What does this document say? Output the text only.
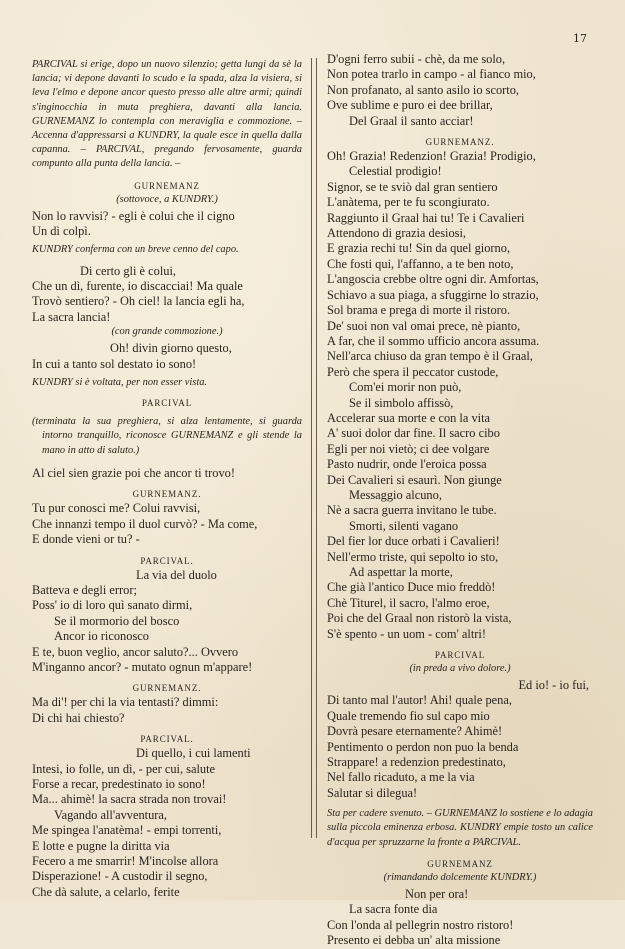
17

PARCIVAL si erige, dopo un nuovo silenzio; getta lungi da sè la lancia; vi depone davanti lo scudo e la spada, alza la visiera, si leva l'elmo e depone ancor questo presso alle altre armi; quindi s'inginocchia in muta preghiera, davanti alla lancia. GURNEMANZ lo contempla con meraviglia e commozione. – Accenna d'appressarsi a KUNDRY, la quale esce in quella dalla capanna. – PARCIVAL, pregando fervosamente, guarda compunto alla punta della lancia. –

GURNEMANZ

(sottovoce, a KUNDRY.)

Non lo ravvisi? - egli è colui che il cigno

Un dì colpì.

KUNDRY conferma con un breve cenno del capo.

Di certo gli è colui,

Che un dì, furente, io discacciai! Ma quale

Trovò sentiero? - Oh ciel! la lancia egli ha,

La sacra lancia!

(con grande commozione.)

Oh! divin giorno questo,

In cui a tanto sol destato io sono!

KUNDRY si è voltata, per non esser vista.

PARCIVAL

(terminata la sua preghiera, si alza lentamente, si guarda intorno tranquillo, riconosce GURNEMANZ e gli stende la mano in atto di saluto.)

Al ciel sien grazie poi che ancor ti trovo!

GURNEMANZ.

Tu pur conosci me? Colui ravvisi,

Che innanzi tempo il duol curvò? - Ma come,

E donde vieni or tu? -

PARCIVAL.

La via del duolo

Batteva e degli error;

Poss' io di loro quì sanato dirmi,

Se il mormorio del bosco

Ancor io riconosco

E te, buon veglio, ancor saluto?... Ovvero

M'inganno ancor? - mutato ognun m'appare!

GURNEMANZ.

Ma di'! per chi la via tentasti? dimmi:

Di chi hai chiesto?

PARCIVAL.

Di quello, i cui lamenti

Intesi, io folle, un dì, - per cui, salute

Forse a recar, predestinato io sono!

Ma... ahimè! la sacra strada non trovai!

Vagando all'avventura,

Me spingea l'anatèma! - empi torrenti,

E lotte e pugne la diritta via

Fecero a me smarrir! M'incolse allora

Disperazione! - A custodir il segno,

Che dà salute, a celarlo, ferite

D'ogni ferro subii - chè, da me solo,

Non potea trarlo in campo - al fianco mio,

Non profanato, al santo asilo io scorto,

Ove sublime e puro ei dee brillar,

Del Graal il santo acciar!

GURNEMANZ.

Oh! Grazia! Redenzion! Grazia! Prodigio,

Celestial prodigio!

Signor, se te sviò dal gran sentiero

L'anàtema, per te fu scongiurato.

Raggiunto il Graal hai tu! Te i Cavalieri

Attendono di grazia desiosi,

E grazia rechi tu! Sin da quel giorno,

Che fosti qui, l'affanno, a te ben noto,

L'angoscia crebbe oltre ogni dir. Amfortas,

Schiavo a sua piaga, a sfuggirne lo strazio,

Sol brama e prega di morte il ristoro.

De' suoi non val omai prece, nè pianto,

A far, che il sommo ufficio ancora assuma.

Nell'arca chiuso da gran tempo è il Graal,

Però che spera il peccator custode,

Com'ei morir non può,

Se il simbolo affissò,

Accelerar sua morte e con la vita

A' suoi dolor dar fine. Il sacro cibo

Egli per noi vietò; ci dee volgare

Pasto nudrir, onde l'eroica possa

Dei Cavalieri si esaurì. Non giunge

Messaggio alcuno,

Nè a sacra guerra invitano le tube.

Smorti, silenti vagano

Del fier lor duce orbati i Cavalieri!

Nell'ermo triste, qui sepolto io sto,

Ad aspettar la morte,

Che già l'antico Duce mio freddò!

Chè Titurel, il sacro, l'almo eroe,

Poi che del Graal non ristorò la vista,

S'è spento - un uom - com' altri!

PARCIVAL

(in preda a vivo dolore.)

Ed io! - io fui,

Di tanto mal l'autor! Ahi! quale pena,

Quale tremendo fio sul capo mio

Dovrà pesare eternamente? Ahimè!

Pentimento o perdon non puo la benda

Strappare! a redenzion predestinato,

Nel fallo ricaduto, a me la via

Salutar si dilegua!

Sta per cadere svenuto. – GURNEMANZ lo sostiene e lo adagia sulla piccola eminenza erbosa. KUNDRY empie tosto un calice d'acqua per spruzzarne la fronte a PARCIVAL.

GURNEMANZ

(rimandando dolcemente KUNDRY.)

Non per ora!

La sacra fonte dia

Con l'onda al pellegrin nostro ristoro!

Presento ei debba un' alta missione
